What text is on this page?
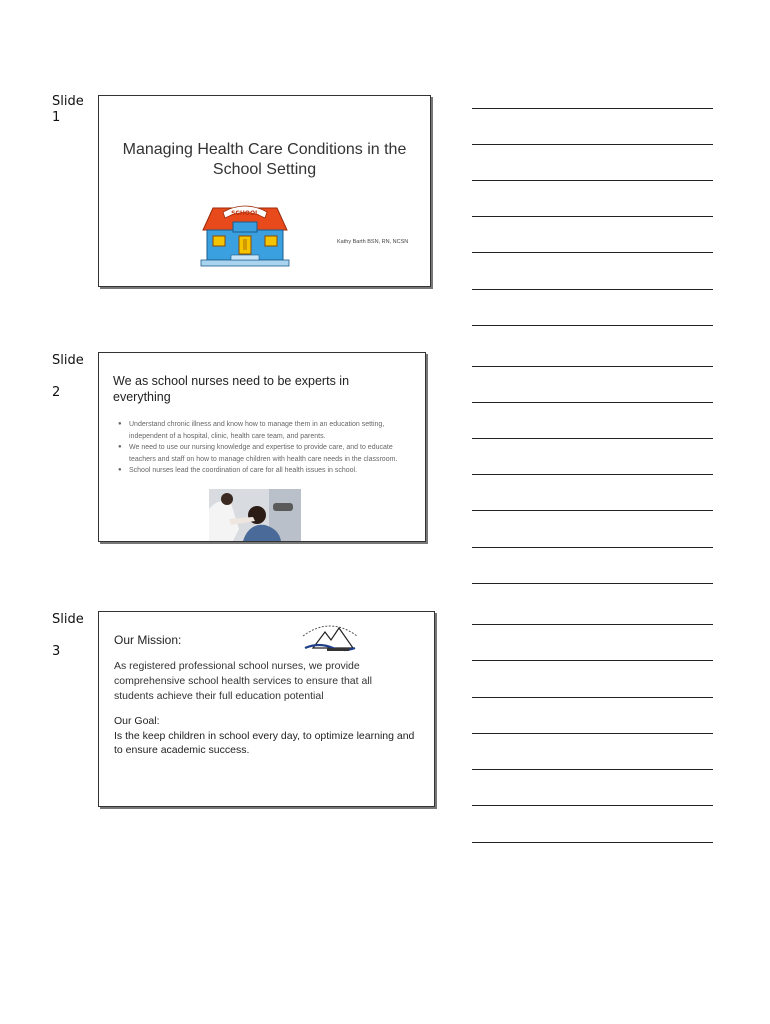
Slide
1
Managing Health Care Conditions in the School Setting
SCHOOL
Kathy Barth BSN, RN, NCSN
Slide

2
We as school nurses need to be experts in everything
● Understand chronic illness and know how to manage them in an education setting, independent of a hospital, clinic, health care team, and parents.
● We need to use our nursing knowledge and expertise to provide care, and to educate teachers and staff on how to manage children with health care needs in the classroom.
● School nurses lead the coordination of care for all health issues in school.
Slide

3
Our Mission:
As registered professional school nurses, we provide comprehensive school health services to ensure that all students achieve their full education potential
Our Goal:
Is the keep children in school every day, to optimize learning and to ensure academic success.
